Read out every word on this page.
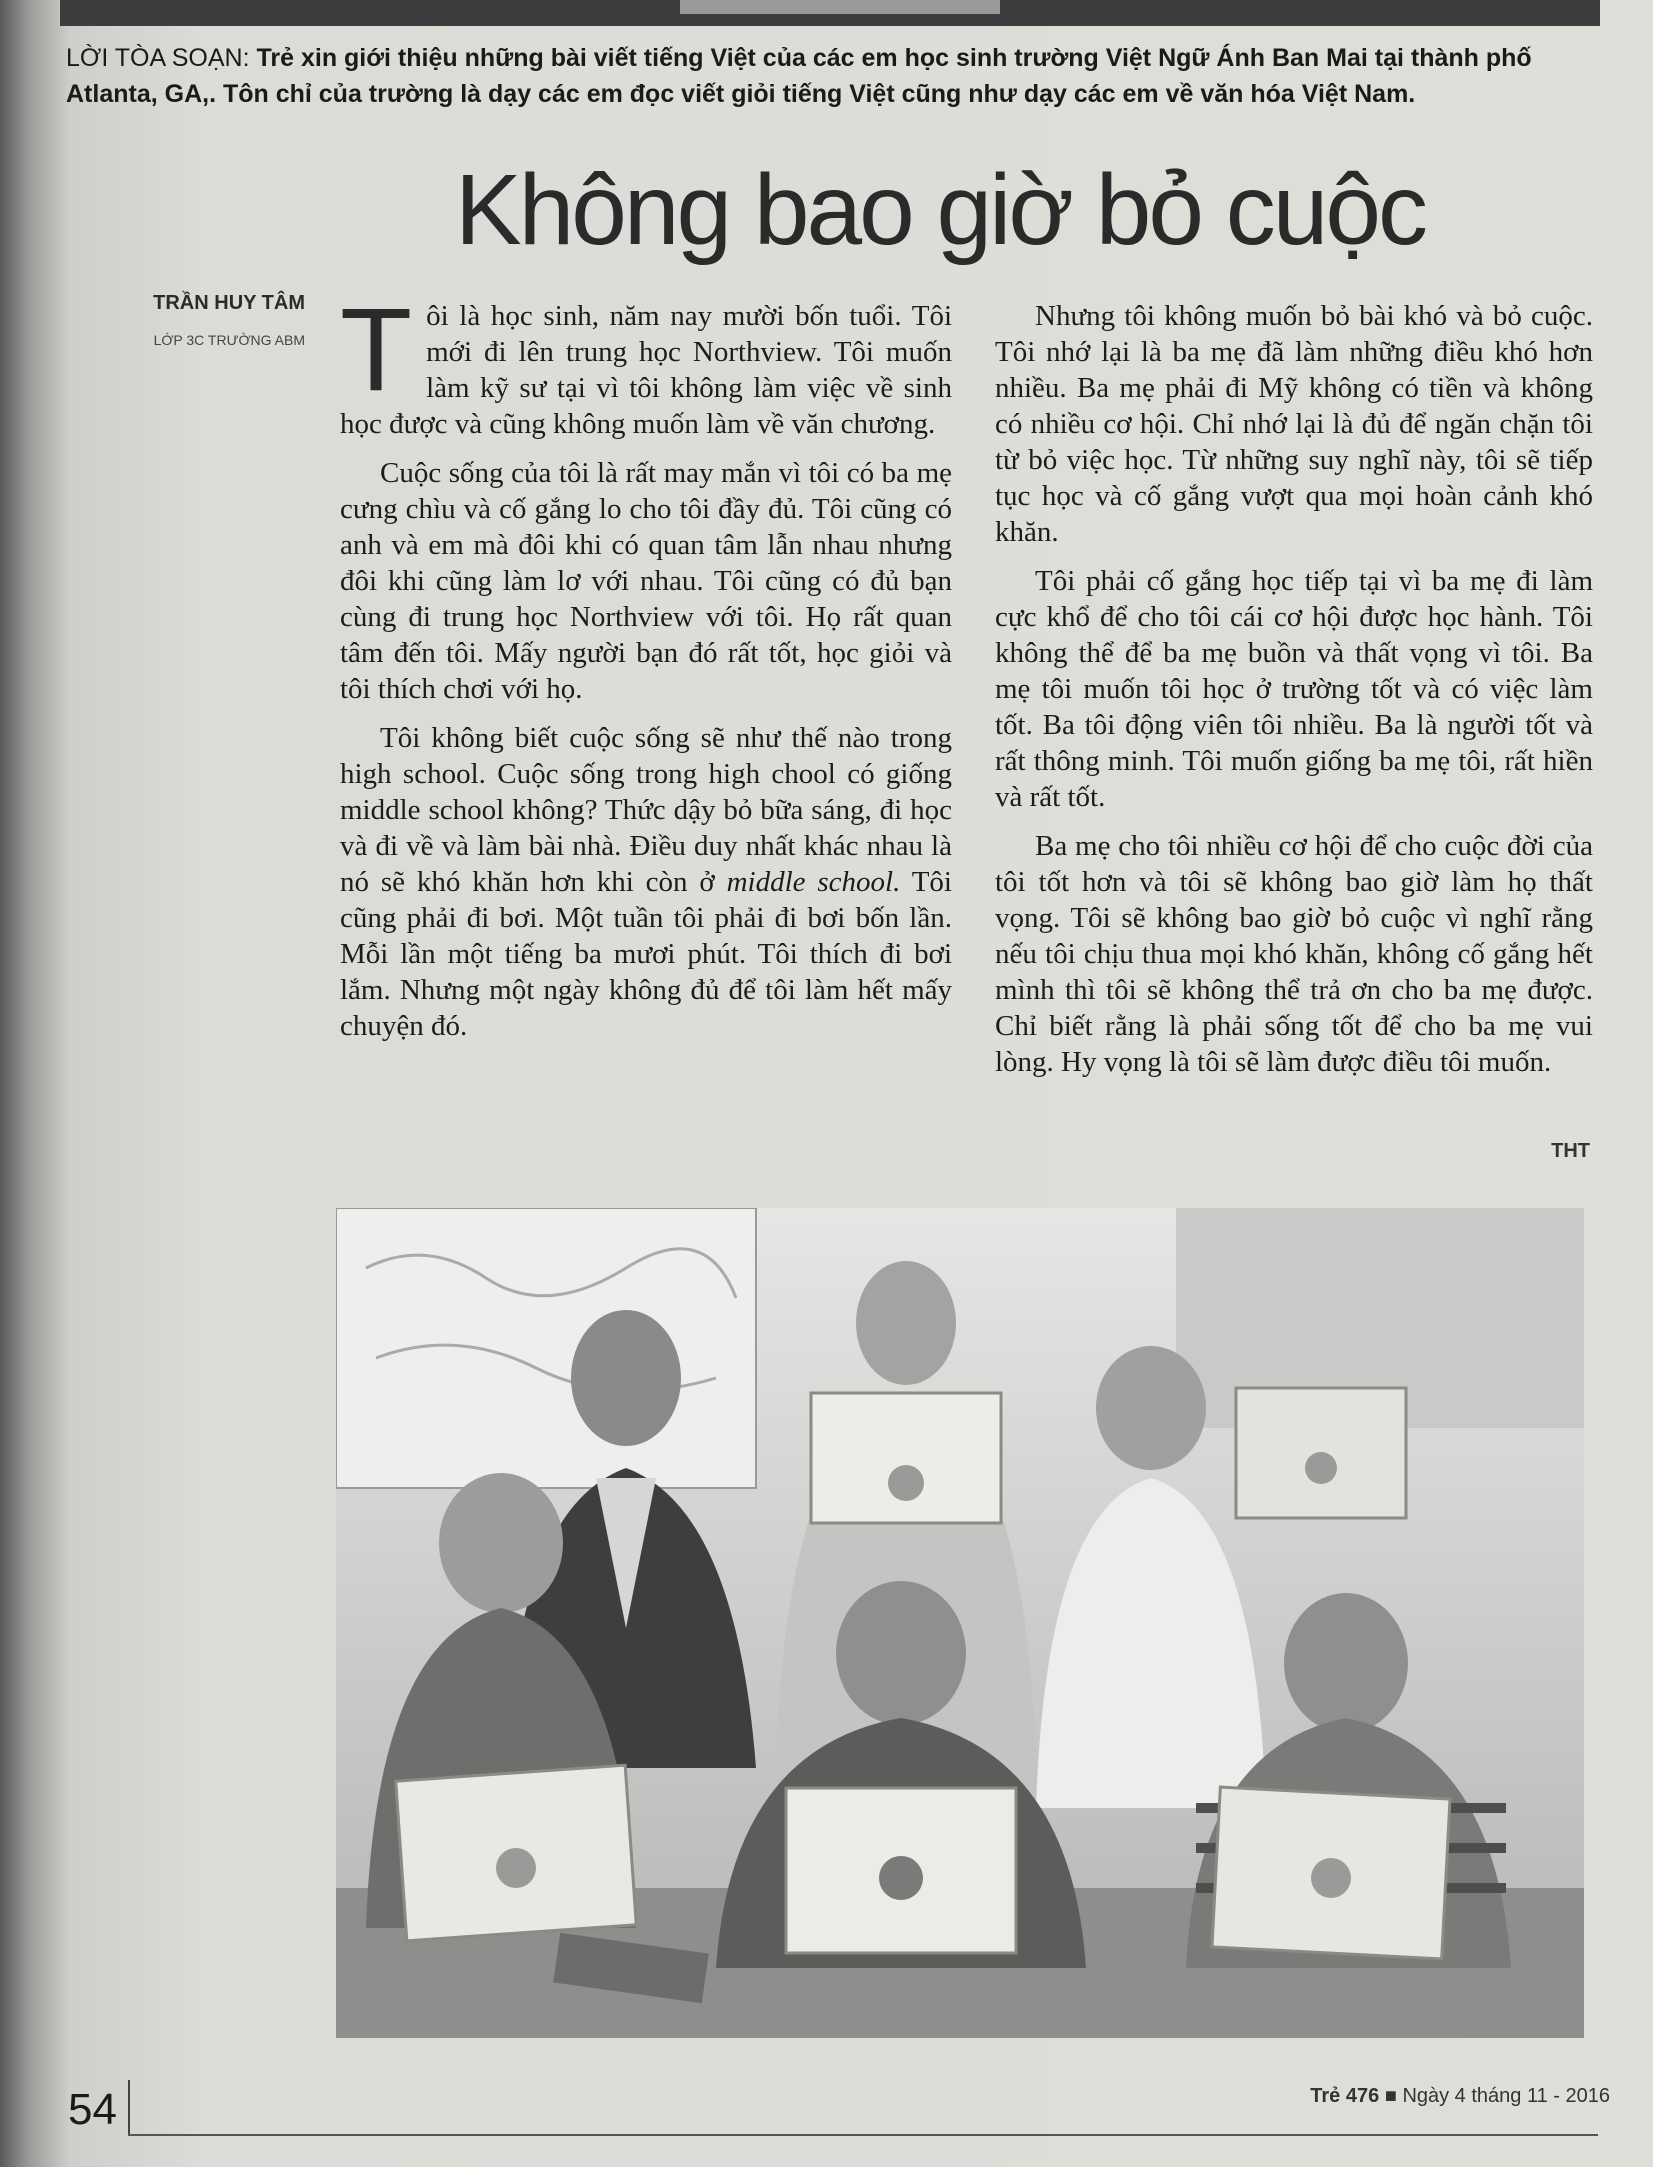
LỜI TÒA SOẠN: Trẻ xin giới thiệu những bài viết tiếng Việt của các em học sinh trường Việt Ngữ Ánh Ban Mai tại thành phố Atlanta, GA,. Tôn chỉ của trường là dạy các em đọc viết giỏi tiếng Việt cũng như dạy các em về văn hóa Việt Nam.
Không bao giờ bỏ cuộc
TRẦN HUY TÂM
LỚP 3C TRƯỜNG ABM Tôi là học sinh, năm nay mười bốn tuổi. Tôi mới đi lên trung học Northview. Tôi muốn làm kỹ sư tại vì tôi không làm việc về sinh học được và cũng không muốn làm về văn chương.

Cuộc sống của tôi là rất may mắn vì tôi có ba mẹ cưng chìu và cố gắng lo cho tôi đầy đủ. Tôi cũng có anh và em mà đôi khi có quan tâm lẫn nhau nhưng đôi khi cũng làm lơ với nhau. Tôi cũng có đủ bạn cùng đi trung học Northview với tôi. Họ rất quan tâm đến tôi. Mấy người bạn đó rất tốt, học giỏi và tôi thích chơi với họ.

Tôi không biết cuộc sống sẽ như thế nào trong high school. Cuộc sống trong high chool có giống middle school không? Thức dậy bỏ bữa sáng, đi học và đi về và làm bài nhà. Điều duy nhất khác nhau là nó sẽ khó khăn hơn khi còn ở middle school. Tôi cũng phải đi bơi. Một tuần tôi phải đi bơi bốn lần. Mỗi lần một tiếng ba mươi phút. Tôi thích đi bơi lắm. Nhưng một ngày không đủ để tôi làm hết mấy chuyện đó.

Nhưng tôi không muốn bỏ bài khó và bỏ cuộc. Tôi nhớ lại là ba mẹ đã làm những điều khó hơn nhiều. Ba mẹ phải đi Mỹ không có tiền và không có nhiều cơ hội. Chỉ nhớ lại là đủ để ngăn chặn tôi từ bỏ việc học. Từ những suy nghĩ này, tôi sẽ tiếp tục học và cố gắng vượt qua mọi hoàn cảnh khó khăn.

Tôi phải cố gắng học tiếp tại vì ba mẹ đi làm cực khổ để cho tôi cái cơ hội được học hành. Tôi không thể để ba mẹ buồn và thất vọng vì tôi. Ba mẹ tôi muốn tôi học ở trường tốt và có việc làm tốt. Ba tôi động viên tôi nhiều. Ba là người tốt và rất thông minh. Tôi muốn giống ba mẹ tôi, rất hiền và rất tốt.

Ba mẹ cho tôi nhiều cơ hội để cho cuộc đời của tôi tốt hơn và tôi sẽ không bao giờ làm họ thất vọng. Tôi sẽ không bao giờ bỏ cuộc vì nghĩ rằng nếu tôi chịu thua mọi khó khăn, không cố gắng hết mình thì tôi sẽ không thể trả ơn cho ba mẹ được. Chỉ biết rằng là phải sống tốt để cho ba mẹ vui lòng. Hy vọng là tôi sẽ làm được điều tôi muốn.

THT
54	Trẻ 476 ■ Ngày 4 tháng 11 - 2016
